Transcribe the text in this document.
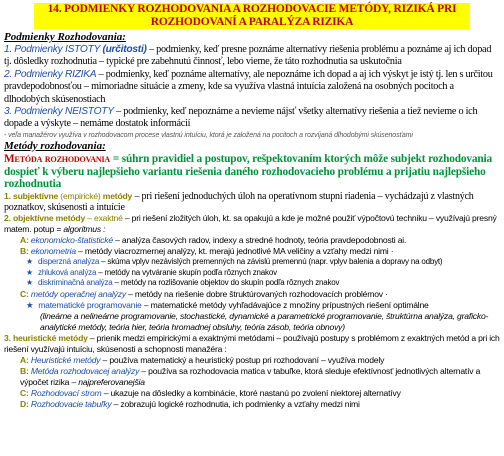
14. PODMIENKY ROZHODOVANIA A ROZHODOVACIE METÓDY, RIZIKÁ PRI
ROZHODOVANÍ A PARALÝZA RIZIKA
Podmienky Rozhodovania:
1. Podmienky ISTOTY (určitosti) – podmienky, keď presne poznáme alternatívy riešenia problému a poznáme aj ich dopad tj. dôsledky rozhodnutia – typické pre zabehnutú činnosť, lebo vieme, že táto rozhodnutia sa uskutočnia
2. Podmienky RIZIKA – podmienky, keď poznáme alternatívy, ale nepoznáme ich dopad a aj ich výskyt je istý tj. len s určitou pravdepodobnosťou – mimoriadne situácie a zmeny, kde sa využíva vlastná intuícia založená na osobných pocitoch a dlhodobých skúsenostiach
3. Podmienky NEISTOTY – podmienky, keď nepoznáme a nevieme nájsť všetky alternatívy riešenia a tiež nevieme o ich dopade a výskyte – nemáme dostatok informácií
- veľa manažérov využíva v rozhodovacom procese vlastnú intuíciu, ktorá je založená na pocitoch a rozvíjaná dlhodobými skúsenosťami
Metódy rozhodovania:
Metóda rozhodovania = súhrn pravidiel a postupov, rešpektovaním ktorých môže subjekt rozhodovania dospieť k výberu najlepšieho variantu riešenia daného rozhodovacieho problému a prijatiu najlepšieho rozhodnutia
1. subjektívne (empirické) metódy – pri riešení jednoduchých úloh na operatívnom stupni riadenia – vychádzajú z vlastných poznatkov, skúsenosti a intuície
2. objektívne metódy – exaktné – pri riešení zložitých úloh, kt. sa opakujú a kde je možné použiť výpočtovú techniku – využívajú presný matem. potup = algoritmus :
A: ekonomicko-štatistické – analýza časových radov, indexy a stredné hodnoty, teória pravdepodobnosti ai.
B: ekonometria – metódy viacrozmernej analýzy, kt. merajú jednotlivé MA veličiny a vzťahy medzi nimi ·
★ disperzná analýza – skúma vplyv nezávislých premenných na závislú premennú (napr. vplyv balenia a dopravy na odbyt)
★ zhluková analýza – metódy na vytváranie skupín podľa rôznych znakov
★ diskriminačná analýza – metódy na rozlišovanie objektov do skupín podľa rôznych znakov
C: metódy operačnej analýzy – metódy na riešenie dobre štruktúrovaných rozhodovacích problémov ·
★ matematické programovanie – matematické metódy vyhľadávajúce z množiny prípustných riešení optimálne
(lineárne a nelineárne programovanie, stochastické, dynamické a parametrické programovanie, štruktúrna analýza, graficko-analytické metódy, teória hier, teória hromadnej obsluhy, teória zásob, teória obnovy)
3. heuristické metódy – prienik medzi empirickými a exaktnými metódami – používajú postupy s problémom z exaktných metód a pri ich riešení využívajú intuíciu, skúsenosti a schopnosti manažéra :
A: Heuristické metódy – používa matematický a heuristický postup pri rozhodovaní – využíva modely
B: Metóda rozhodovacej analýzy – používa sa rozhodovacia matica v tabuľke, ktorá sleduje efektívnosť jednotlivých alternatív a výpočet rizika – najpreferovanejšia
C: Rozhodovací strom – ukazuje na dôsledky a kombinácie, ktoré nastanú po zvolení niektorej alternatívy
D: Rozhodovacie tabuľky – zobrazujú logické rozhodnutia, ich podmienky a vzťahy medzi nimi
